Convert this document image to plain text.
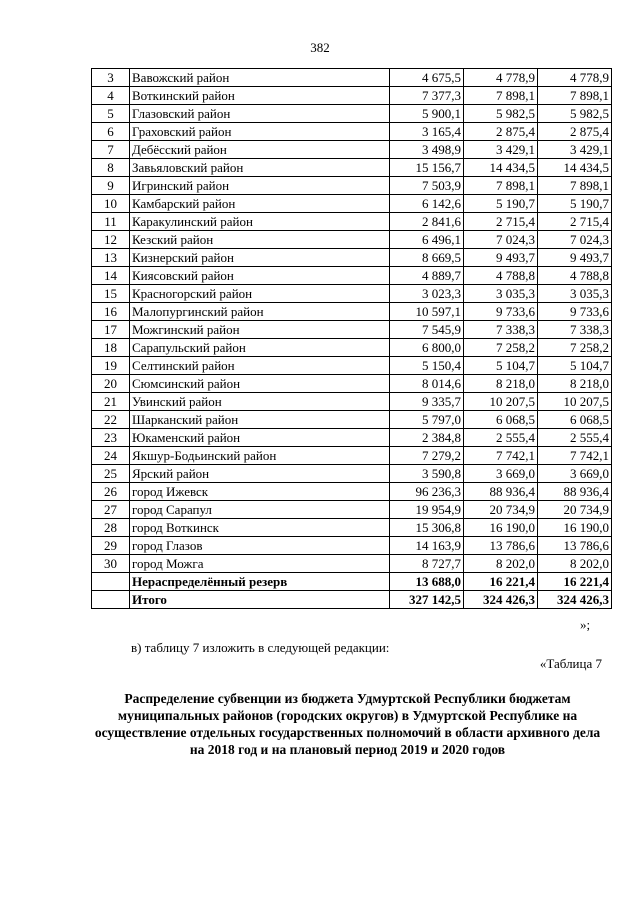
382
3	Вавожский район	4 675,5	4 778,9	4 778,9
4	Воткинский район	7 377,3	7 898,1	7 898,1
5	Глазовский район	5 900,1	5 982,5	5 982,5
6	Граховский район	3 165,4	2 875,4	2 875,4
7	Дебёсский район	3 498,9	3 429,1	3 429,1
8	Завьяловский район	15 156,7	14 434,5	14 434,5
9	Игринский район	7 503,9	7 898,1	7 898,1
10	Камбарский район	6 142,6	5 190,7	5 190,7
11	Каракулинский район	2 841,6	2 715,4	2 715,4
12	Кезский район	6 496,1	7 024,3	7 024,3
13	Кизнерский район	8 669,5	9 493,7	9 493,7
14	Киясовский район	4 889,7	4 788,8	4 788,8
15	Красногорский район	3 023,3	3 035,3	3 035,3
16	Малопургинский район	10 597,1	9 733,6	9 733,6
17	Можгинский район	7 545,9	7 338,3	7 338,3
18	Сарапульский район	6 800,0	7 258,2	7 258,2
19	Селтинский район	5 150,4	5 104,7	5 104,7
20	Сюмсинский район	8 014,6	8 218,0	8 218,0
21	Увинский район	9 335,7	10 207,5	10 207,5
22	Шарканский район	5 797,0	6 068,5	6 068,5
23	Юкаменский район	2 384,8	2 555,4	2 555,4
24	Якшур-Бодьинский район	7 279,2	7 742,1	7 742,1
25	Ярский район	3 590,8	3 669,0	3 669,0
26	город Ижевск	96 236,3	88 936,4	88 936,4
27	город Сарапул	19 954,9	20 734,9	20 734,9
28	город Воткинск	15 306,8	16 190,0	16 190,0
29	город Глазов	14 163,9	13 786,6	13 786,6
30	город Можга	8 727,7	8 202,0	8 202,0
	Нераспределённый резерв	13 688,0	16 221,4	16 221,4
	Итого	327 142,5	324 426,3	324 426,3
»;
в) таблицу 7 изложить в следующей редакции:
«Таблица 7
Распределение субвенции из бюджета Удмуртской Республики бюджетам муниципальных районов (городских округов) в Удмуртской Республике на осуществление отдельных государственных полномочий в области архивного дела на 2018 год и на плановый период 2019 и 2020 годов
